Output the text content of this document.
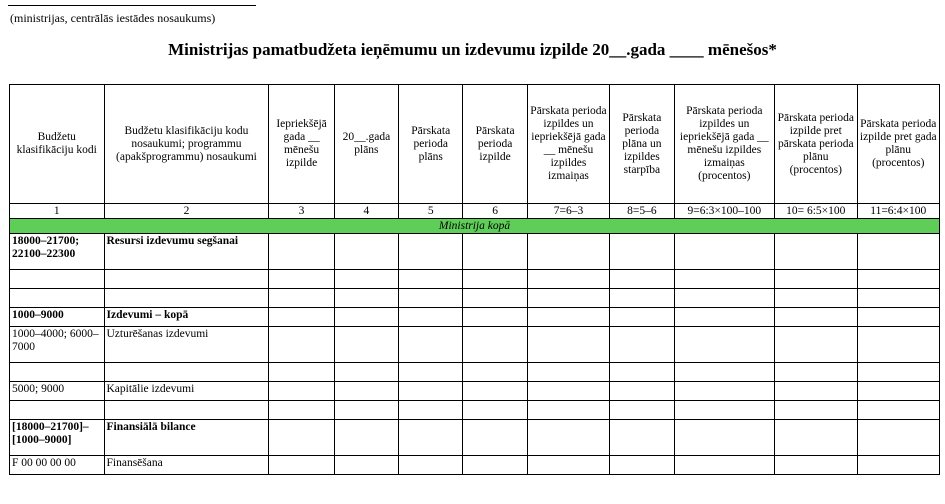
(ministrijas, centrālās iestādes nosaukums)
Ministrijas pamatbudžeta ieņēmumu un izdevumu izpilde 20__.gada ____ mēnešos*
Budžetu klasifikāciju kodi	Budžetu klasifikāciju kodu nosaukumi; programmu (apakšprogrammu) nosaukumi	Iepriekšējā gada __ mēnešu izpilde	20__.gada plāns	Pārskata perioda plāns	Pārskata perioda izpilde	Pārskata perioda izpildes un iepriekšējā gada __ mēnešu izpildes izmaiņas	Pārskata perioda plāna un izpildes starpība	Pārskata perioda izpildes un iepriekšējā gada __ mēnešu izpildes izmaiņas (procentos)	Pārskata perioda izpilde pret pārskata perioda plānu (procentos)	Pārskata perioda izpilde pret gada plānu (procentos)
1	2	3	4	5	6	7=6–3	8=5–6	9=6:3×100–100	10= 6:5×100	11=6:4×100
Ministrija kopā										
18000–21700; 22100–22300	Resursi izdevumu segšanai									

1000–9000	Izdevumi – kopā									
1000–4000; 6000–7000	Uzturēšanas izdevumi									

5000; 9000	Kapitālie izdevumi									

[18000–21700]– [1000–9000]	Finansiālā bilance									
F 00 00 00 00	Finansēšana									
